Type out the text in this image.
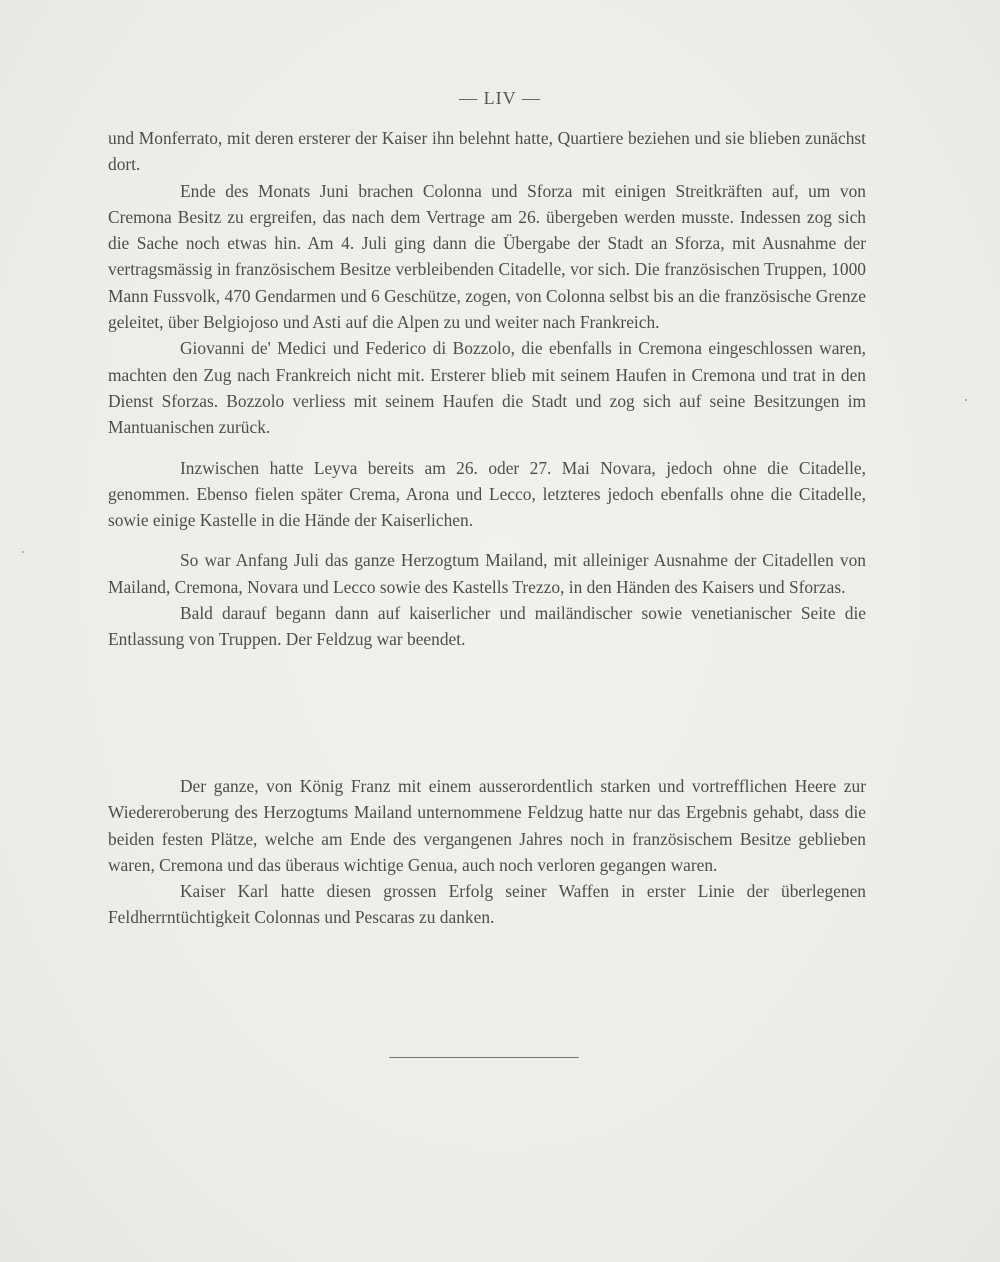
— LIV —

und Monferrato, mit deren ersterer der Kaiser ihn belehnt hatte, Quartiere beziehen und sie blieben zunächst dort.

Ende des Monats Juni brachen Colonna und Sforza mit einigen Streitkräften auf, um von Cremona Besitz zu ergreifen, das nach dem Vertrage am 26. übergeben werden musste. Indessen zog sich die Sache noch etwas hin. Am 4. Juli ging dann die Übergabe der Stadt an Sforza, mit Ausnahme der vertragsmässig in französischem Besitze verbleibenden Citadelle, vor sich. Die französischen Truppen, 1000 Mann Fussvolk, 470 Gendarmen und 6 Geschütze, zogen, von Colonna selbst bis an die französische Grenze geleitet, über Belgiojoso und Asti auf die Alpen zu und weiter nach Frankreich.

Giovanni de' Medici und Federico di Bozzolo, die ebenfalls in Cremona eingeschlossen waren, machten den Zug nach Frankreich nicht mit. Ersterer blieb mit seinem Haufen in Cremona und trat in den Dienst Sforzas. Bozzolo verliess mit seinem Haufen die Stadt und zog sich auf seine Besitzungen im Mantuanischen zurück.

Inzwischen hatte Leyva bereits am 26. oder 27. Mai Novara, jedoch ohne die Citadelle, genommen. Ebenso fielen später Crema, Arona und Lecco, letzteres jedoch ebenfalls ohne die Citadelle, sowie einige Kastelle in die Hände der Kaiserlichen.

So war Anfang Juli das ganze Herzogtum Mailand, mit alleiniger Ausnahme der Citadellen von Mailand, Cremona, Novara und Lecco sowie des Kastells Trezzo, in den Händen des Kaisers und Sforzas.

Bald darauf begann dann auf kaiserlicher und mailändischer sowie venetianischer Seite die Entlassung von Truppen. Der Feldzug war beendet.

Der ganze, von König Franz mit einem ausserordentlich starken und vortrefflichen Heere zur Wiedereroberung des Herzogtums Mailand unternommene Feldzug hatte nur das Ergebnis gehabt, dass die beiden festen Plätze, welche am Ende des vergangenen Jahres noch in französischem Besitze geblieben waren, Cremona und das überaus wichtige Genua, auch noch verloren gegangen waren.

Kaiser Karl hatte diesen grossen Erfolg seiner Waffen in erster Linie der überlegenen Feldherrntüchtigkeit Colonnas und Pescaras zu danken.
